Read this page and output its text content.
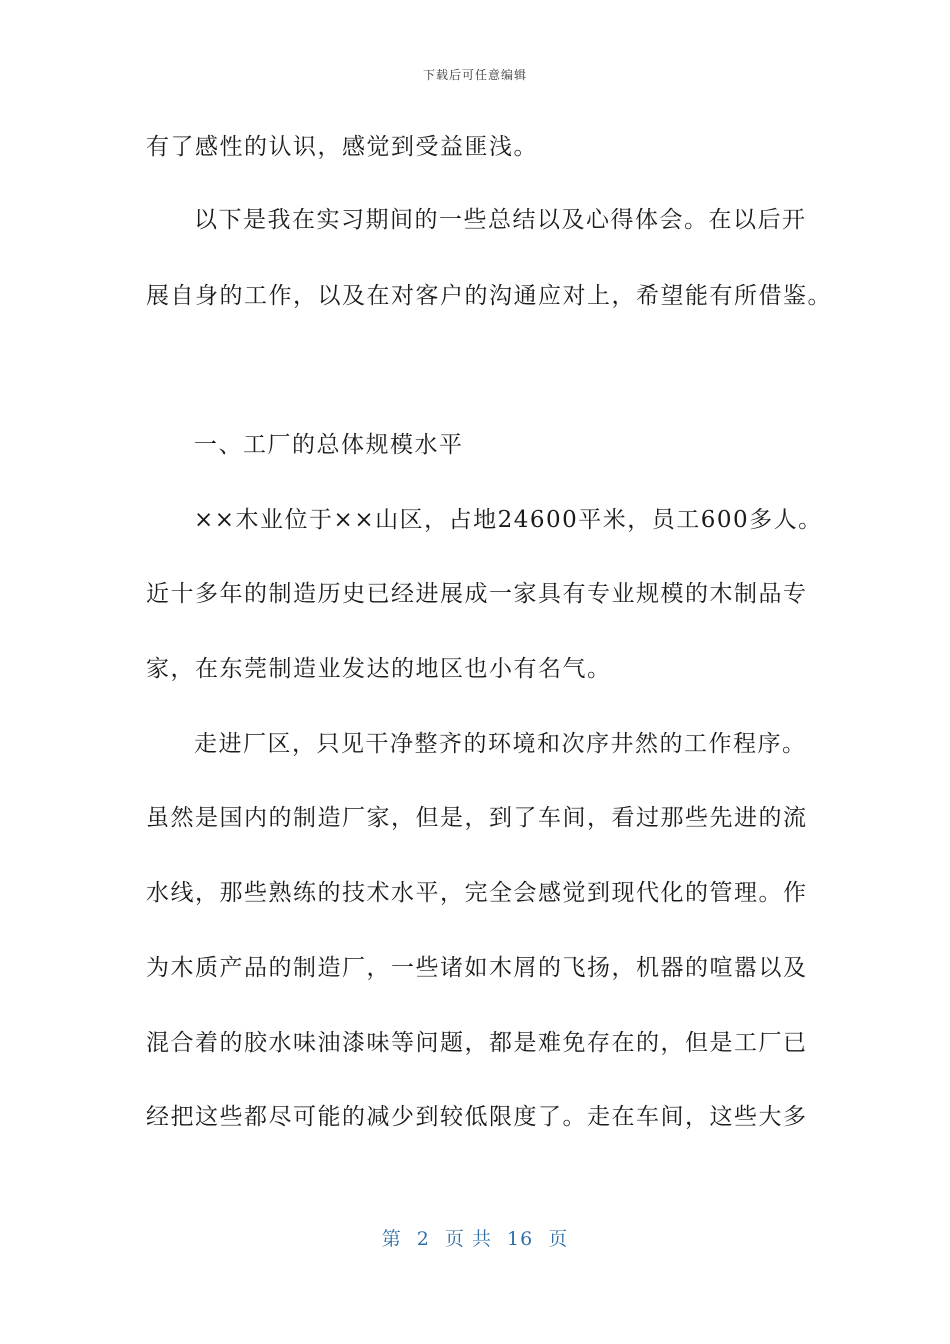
下载后可任意编辑
有了感性的认识，感觉到受益匪浅。
以下是我在实习期间的一些总结以及心得体会。在以后开
展自身的工作，以及在对客户的沟通应对上，希望能有所借鉴。
一、工厂的总体规模水平
××木业位于××山区，占地24600平米，员工600多人。
近十多年的制造历史已经进展成一家具有专业规模的木制品专
家，在东莞制造业发达的地区也小有名气。
走进厂区，只见干净整齐的环境和次序井然的工作程序。
虽然是国内的制造厂家，但是，到了车间，看过那些先进的流
水线，那些熟练的技术水平，完全会感觉到现代化的管理。作
为木质产品的制造厂，一些诸如木屑的飞扬，机器的喧嚣以及
混合着的胶水味油漆味等问题，都是难免存在的，但是工厂已
经把这些都尽可能的减少到较低限度了。走在车间，这些大多
第 2 页 共 16 页
